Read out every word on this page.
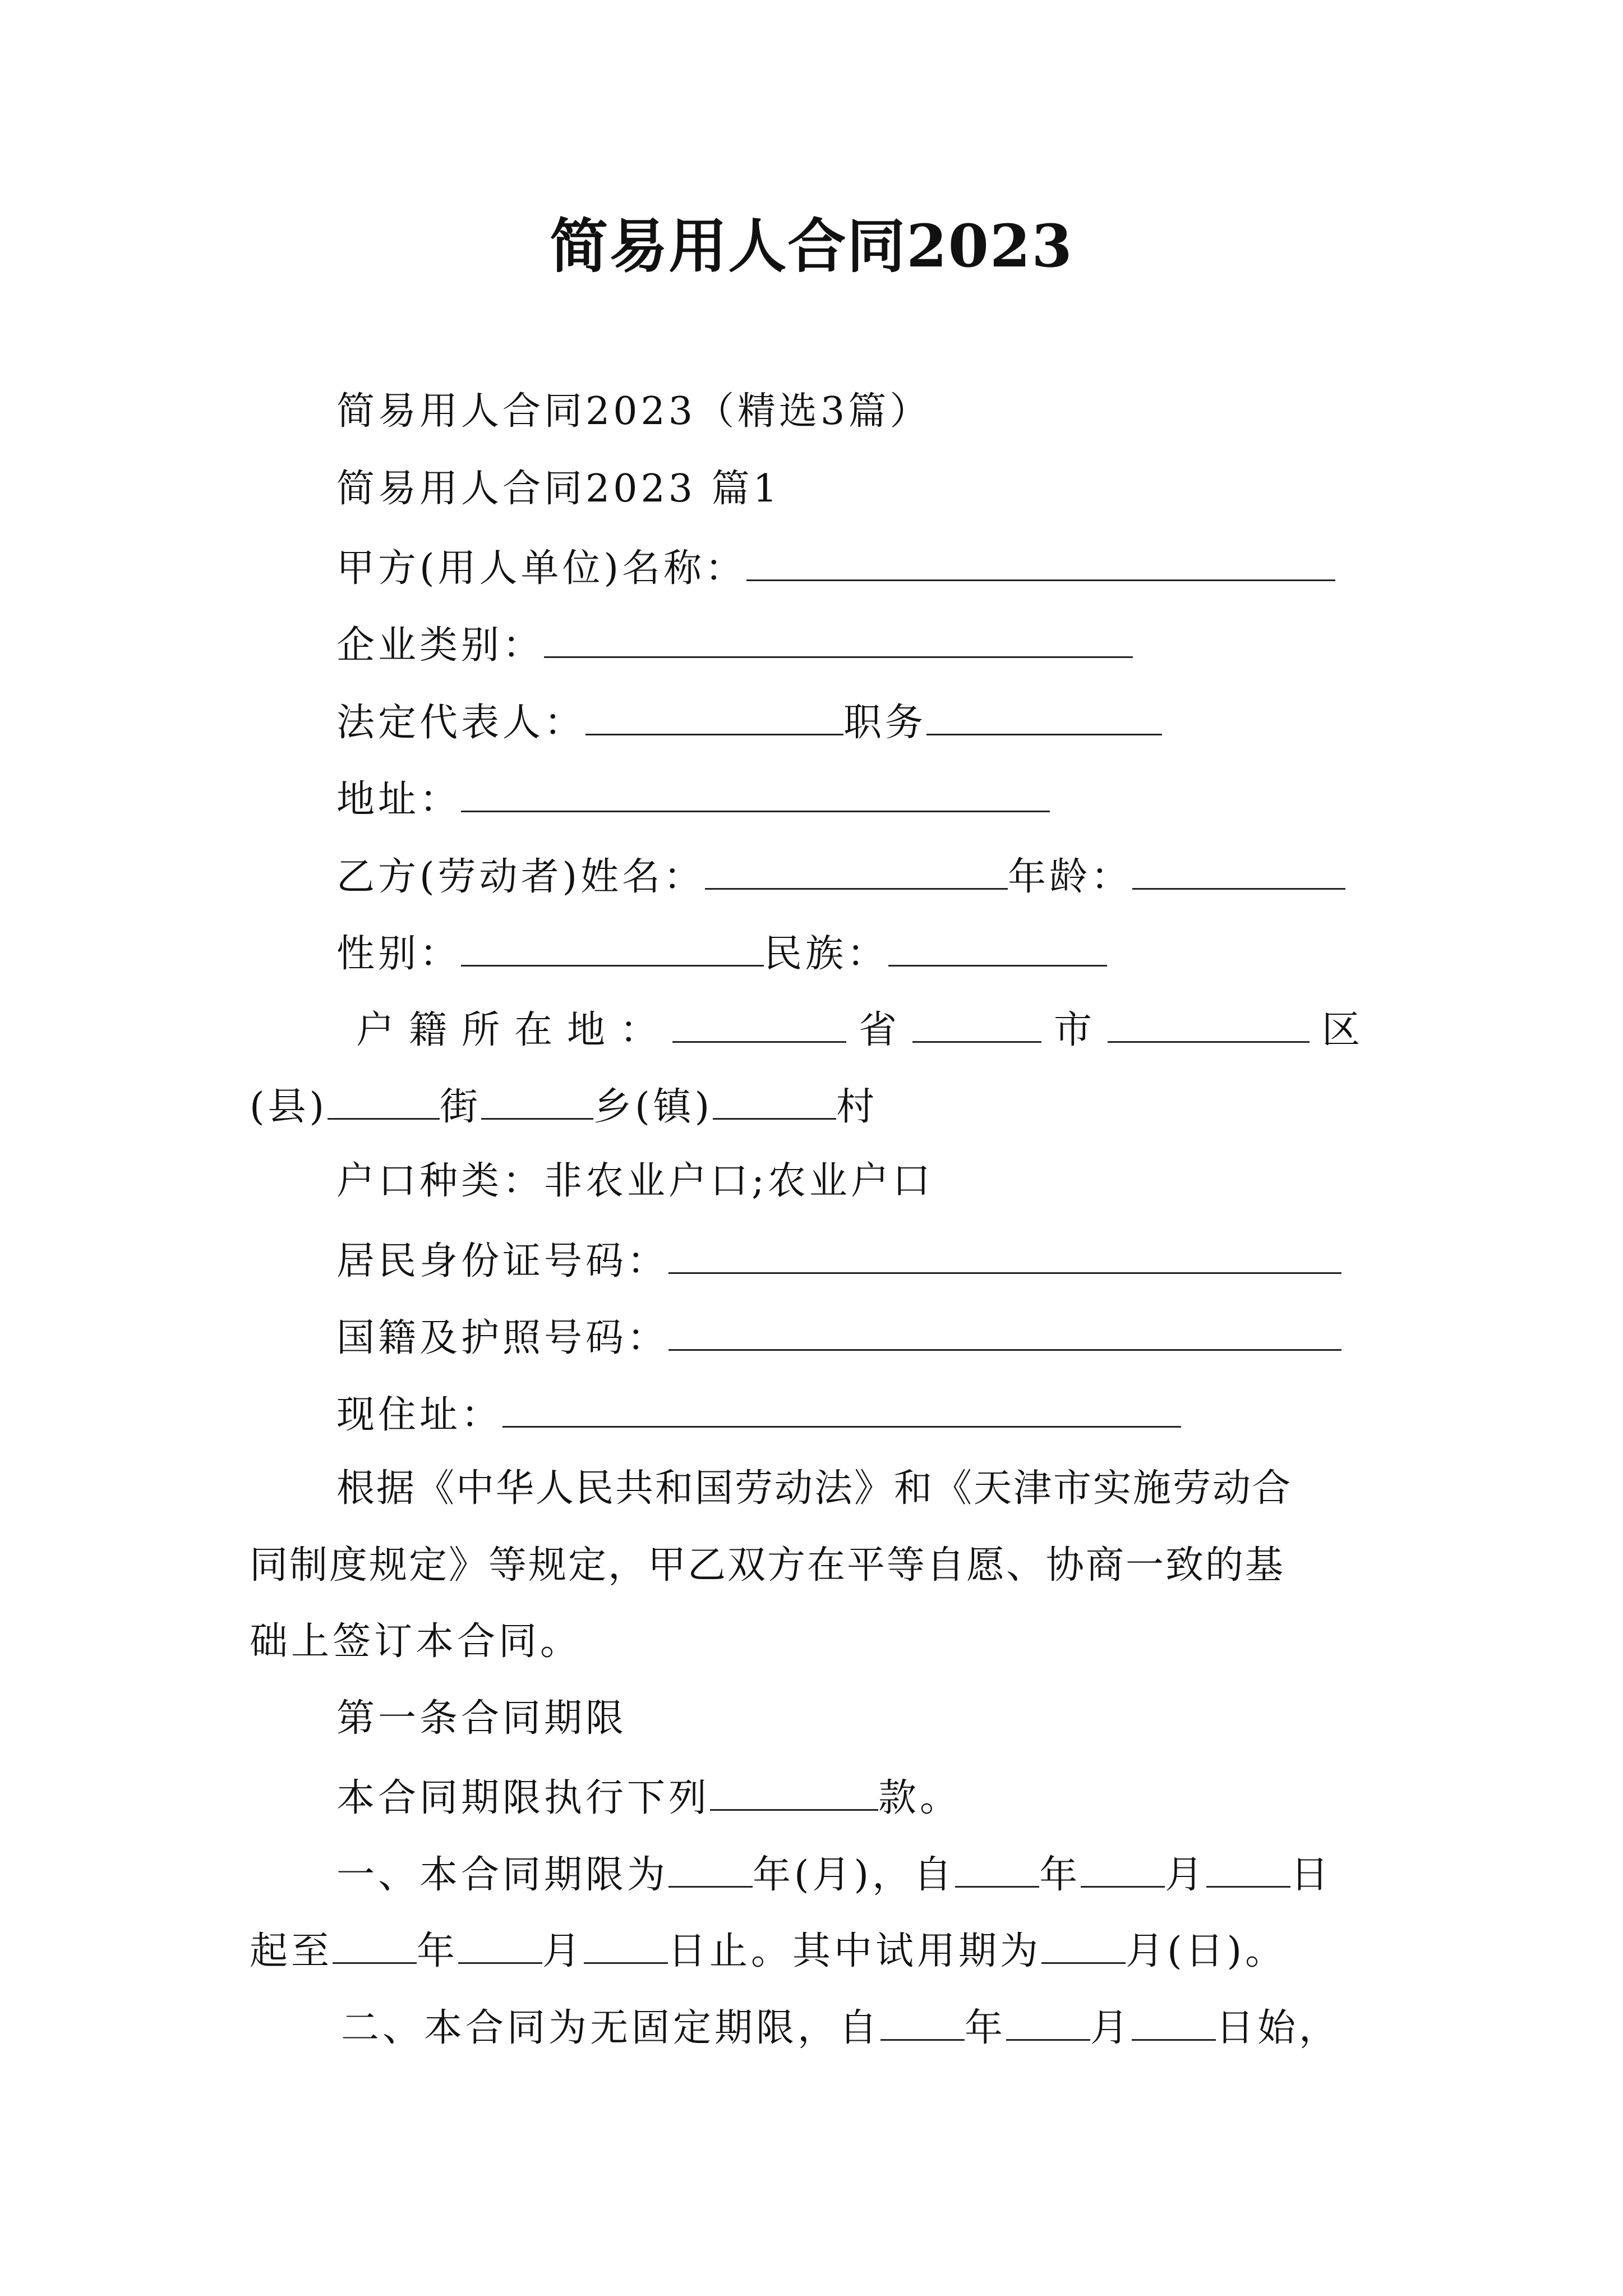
简易用人合同2023
简易用人合同2023（精选3篇）
简易用人合同2023 篇1
甲方(用人单位)名称：
企业类别：
法定代表人：	职务
地址：
乙方(劳动者)姓名：	年龄：
性别：	民族：
户籍所在地：	省	市	区
(县)	街	乡(镇)	村
户口种类：非农业户口;农业户口
居民身份证号码：
国籍及护照号码：
现住址：
根据《中华人民共和国劳动法》和《天津市实施劳动合
同制度规定》等规定，甲乙双方在平等自愿、协商一致的基
础上签订本合同。
第一条合同期限
本合同期限执行下列	款。
一、本合同期限为 年(月)，自 年 月 日
起至 年 月 日止。其中试用期为 月(日)。
二、本合同为无固定期限，自 年 月 日始，
